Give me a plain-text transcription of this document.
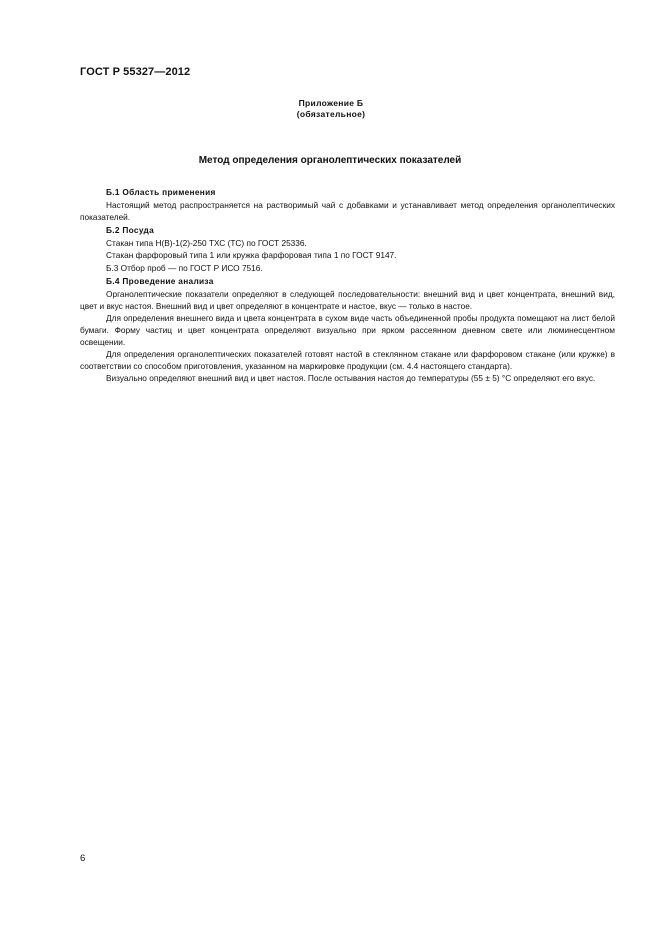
ГОСТ Р 55327—2012
Приложение Б
(обязательное)
Метод определения органолептических показателей

Б.1 Область применения

Настоящий метод распространяется на растворимый чай с добавками и устанавливает метод определения органолептических показателей.

Б.2 Посуда

Стакан типа Н(В)-1(2)-250 ТХС (ТС) по ГОСТ 25336.

Стакан фарфоровый типа 1 или кружка фарфоровая типа 1 по ГОСТ 9147.

Б.3 Отбор проб — по ГОСТ Р ИСО 7516.

Б.4 Проведение анализа

Органолептические показатели определяют в следующей последовательности: внешний вид и цвет концентрата, внешний вид, цвет и вкус настоя. Внешний вид и цвет определяют в концентрате и настое, вкус — только в настое.

Для определения внешнего вида и цвета концентрата в сухом виде часть объединенной пробы продукта помещают на лист белой бумаги. Форму частиц и цвет концентрата определяют визуально при ярком рассеянном дневном свете или люминесцентном освещении.

Для определения органолептических показателей готовят настой в стеклянном стакане или фарфоровом стакане (или кружке) в соответствии со способом приготовления, указанном на маркировке продукции (см. 4.4 настоящего стандарта).

Визуально определяют внешний вид и цвет настоя. После остывания настоя до температуры (55 ± 5) °С определяют его вкус.

6
